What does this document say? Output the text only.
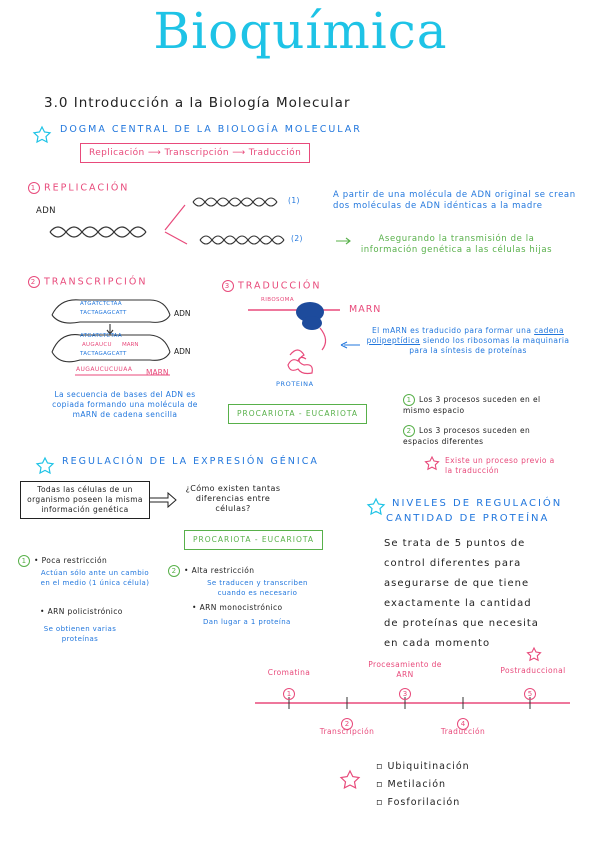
Bioquímica
3.0 Introducción a la Biología Molecular
DOGMA CENTRAL DE LA BIOLOGÍA MOLECULAR
Replicación ⟶ Transcripción ⟶ Traducción
1 REPLICACIÓN
ADN
(1)
(2)
A partir de una molécula de ADN original se crean dos moléculas de ADN idénticas a la madre
Asegurando la transmisión de la información genética a las células hijas
2 TRANSCRIPCIÓN
ATGATCTCTAA
TACTAGAGCATT	ADN
ATGATCTCTAA
AUGAUCU MARN
TACTAGAGCATT	ADN
AUGAUCUCUUAA MARN
La secuencia de bases del ADN es copiada formando una molécula de mARN de cadena sencilla	PROCARIOTA - EUCARIOTA
3 TRADUCCIÓN
RIBOSOMA
MARN
PROTEINA
El mARN es traducido para formar una cadena polipeptídica siendo los ribosomas la maquinaria para la síntesis de proteínas
1 Los 3 procesos suceden en el mismo espacio
2 Los 3 procesos suceden en espacios diferentes
Existe un proceso previo a la traducción
REGULACIÓN DE LA EXPRESIÓN GÉNICA
Todas las células de un organismo poseen la misma información genética
¿Cómo existen tantas diferencias entre células?
PROCARIOTA - EUCARIOTA
1 • Poca restricción
Actúan sólo ante un cambio en el medio (1 única célula)
• ARN policistrónico
Se obtienen varias proteínas
2 • Alta restricción
Se traducen y transcriben cuando es necesario
• ARN monocistrónico
Dan lugar a 1 proteína
NIVELES DE REGULACIÓN
CANTIDAD DE PROTEÍNA
Se trata de 5 puntos de
control diferentes para
asegurarse de que tiene
exactamente la cantidad
de proteínas que necesita
en cada momento
Cromatina
1
2
Transcripción
Procesamiento de ARN
3
4
Traducción
Postraduccional
5
▫ Ubiquitinación
▫ Metilación
▫ Fosforilación
